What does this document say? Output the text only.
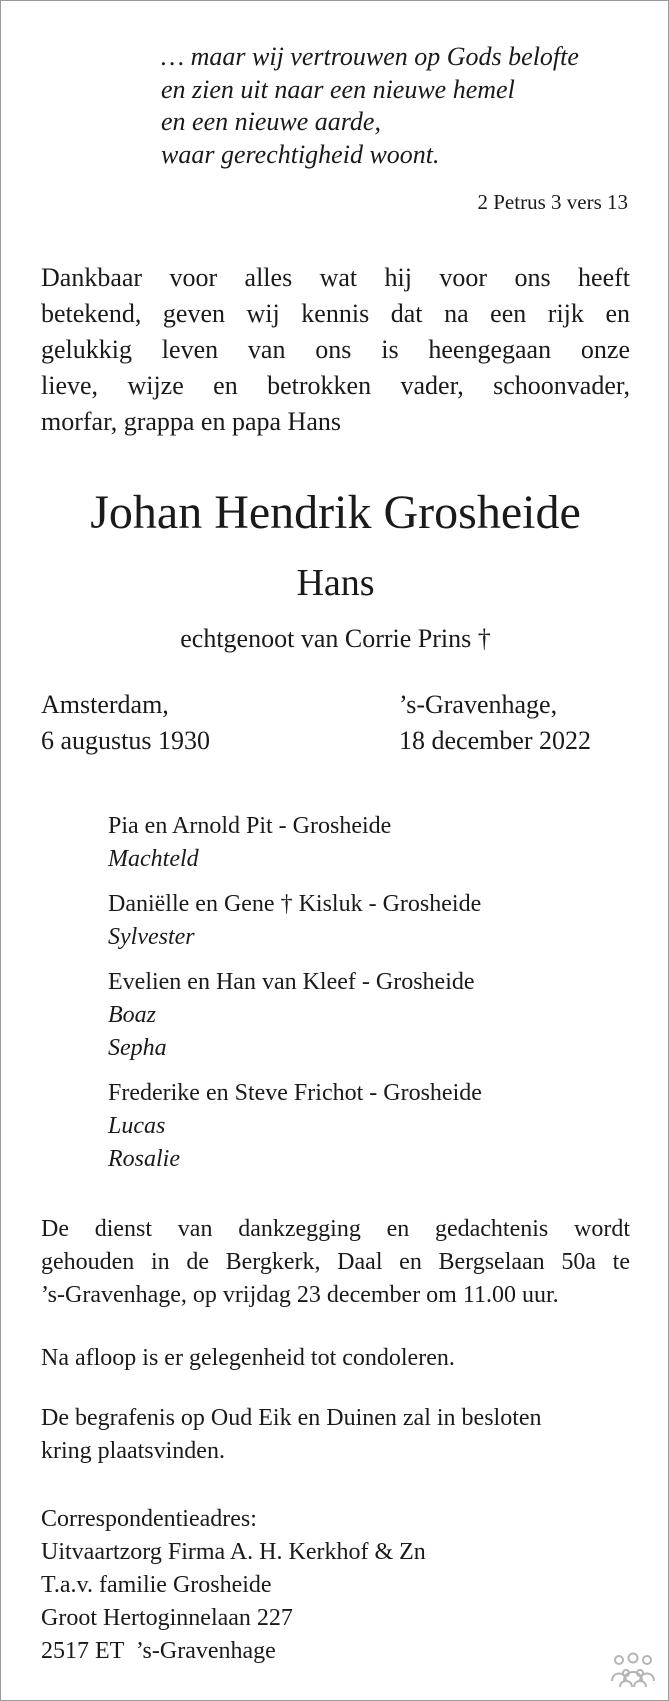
… maar wij vertrouwen op Gods belofte
en zien uit naar een nieuwe hemel
en een nieuwe aarde,
waar gerechtigheid woont.
2 Petrus 3 vers 13
Dankbaar voor alles wat hij voor ons heeft
betekend, geven wij kennis dat na een rijk en
gelukkig leven van ons is heengegaan onze
lieve, wijze en betrokken vader, schoonvader,
morfar, grappa en papa Hans
Johan Hendrik Grosheide
Hans
echtgenoot van Corrie Prins †
Amsterdam,
6 augustus 1930
’s-Gravenhage,
18 december 2022
Pia en Arnold Pit - Grosheide
Machteld
Daniëlle en Gene † Kisluk - Grosheide
Sylvester
Evelien en Han van Kleef - Grosheide
Boaz
Sepha
Frederike en Steve Frichot - Grosheide
Lucas
Rosalie
De dienst van dankzegging en gedachtenis wordt
gehouden in de Bergkerk, Daal en Bergselaan 50a te
’s-Gravenhage, op vrijdag 23 december om 11.00 uur.
Na afloop is er gelegenheid tot condoleren.
De begrafenis op Oud Eik en Duinen zal in besloten
kring plaatsvinden.
Correspondentieadres:
Uitvaartzorg Firma A. H. Kerkhof & Zn
T.a.v. familie Grosheide
Groot Hertoginnelaan 227
2517 ET  ’s-Gravenhage
